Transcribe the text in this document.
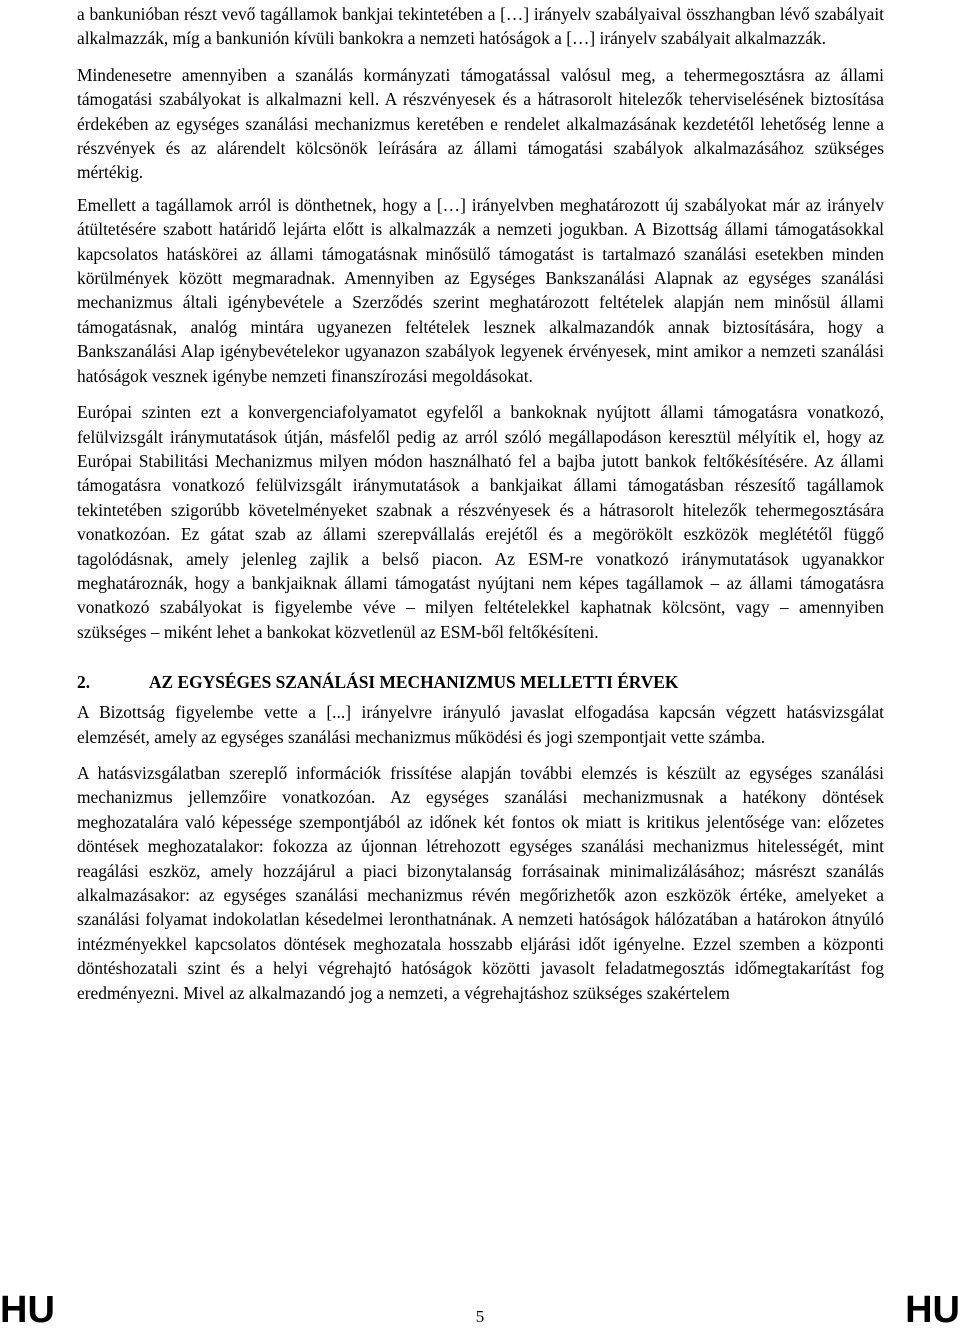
a bankunióban részt vevő tagállamok bankjai tekintetében a […] irányelv szabályaival összhangban lévő szabályait alkalmazzák, míg a bankunión kívüli bankokra a nemzeti hatóságok a […] irányelv szabályait alkalmazzák.

Mindenesetre amennyiben a szanálás kormányzati támogatással valósul meg, a tehermegosztásra az állami támogatási szabályokat is alkalmazni kell. A részvényesek és a hátrasorolt hitelezők teherviselésének biztosítása érdekében az egységes szanálási mechanizmus keretében e rendelet alkalmazásának kezdetétől lehetőség lenne a részvények és az alárendelt kölcsönök leírására az állami támogatási szabályok alkalmazásához szükséges mértékig.

Emellett a tagállamok arról is dönthetnek, hogy a […] irányelvben meghatározott új szabályokat már az irányelv átültetésére szabott határidő lejárta előtt is alkalmazzák a nemzeti jogukban. A Bizottság állami támogatásokkal kapcsolatos hatáskörei az állami támogatásnak minősülő támogatást is tartalmazó szanálási esetekben minden körülmények között megmaradnak. Amennyiben az Egységes Bankszanálási Alapnak az egységes szanálási mechanizmus általi igénybevétele a Szerződés szerint meghatározott feltételek alapján nem minősül állami támogatásnak, analóg mintára ugyanezen feltételek lesznek alkalmazandók annak biztosítására, hogy a Bankszanálási Alap igénybevételekor ugyanazon szabályok legyenek érvényesek, mint amikor a nemzeti szanálási hatóságok vesznek igénybe nemzeti finanszírozási megoldásokat.

Európai szinten ezt a konvergenciafolyamatot egyfelől a bankoknak nyújtott állami támogatásra vonatkozó, felülvizsgált iránymutatások útján, másfelől pedig az arról szóló megállapodáson keresztül mélyítik el, hogy az Európai Stabilitási Mechanizmus milyen módon használható fel a bajba jutott bankok feltőkésítésére. Az állami támogatásra vonatkozó felülvizsgált iránymutatások a bankjaikat állami támogatásban részesítő tagállamok tekintetében szigorúbb követelményeket szabnak a részvényesek és a hátrasorolt hitelezők tehermegosztására vonatkozóan. Ez gátat szab az állami szerepvállalás erejétől és a megörökölt eszközök meglététől függő tagolódásnak, amely jelenleg zajlik a belső piacon. Az ESM-re vonatkozó iránymutatások ugyanakkor meghatároznák, hogy a bankjaiknak állami támogatást nyújtani nem képes tagállamok – az állami támogatásra vonatkozó szabályokat is figyelembe véve – milyen feltételekkel kaphatnak kölcsönt, vagy – amennyiben szükséges – miként lehet a bankokat közvetlenül az ESM-ből feltőkésíteni.

2.	AZ EGYSÉGES SZANÁLÁSI MECHANIZMUS MELLETTI ÉRVEK

A Bizottság figyelembe vette a [...] irányelvre irányuló javaslat elfogadása kapcsán végzett hatásvizsgálat elemzését, amely az egységes szanálási mechanizmus működési és jogi szempontjait vette számba.

A hatásvizsgálatban szereplő információk frissítése alapján további elemzés is készült az egységes szanálási mechanizmus jellemzőire vonatkozóan. Az egységes szanálási mechanizmusnak a hatékony döntések meghozatalára való képessége szempontjából az időnek két fontos ok miatt is kritikus jelentősége van: előzetes döntések meghozatalakor: fokozza az újonnan létrehozott egységes szanálási mechanizmus hitelességét, mint reagálási eszköz, amely hozzájárul a piaci bizonytalanság forrásainak minimalizálásához; másrészt szanálás alkalmazásakor: az egységes szanálási mechanizmus révén megőrizhetők azon eszközök értéke, amelyeket a szanálási folyamat indokolatlan késedelmei leronthatnának. A nemzeti hatóságok hálózatában a határokon átnyúló intézményekkel kapcsolatos döntések meghozatala hosszabb eljárási időt igényelne. Ezzel szemben a központi döntéshozatali szint és a helyi végrehajtó hatóságok közötti javasolt feladatmegosztás időmegtakarítást fog eredményezni. Mivel az alkalmazandó jog a nemzeti, a végrehajtáshoz szükséges szakértelem

HU	5	HU
